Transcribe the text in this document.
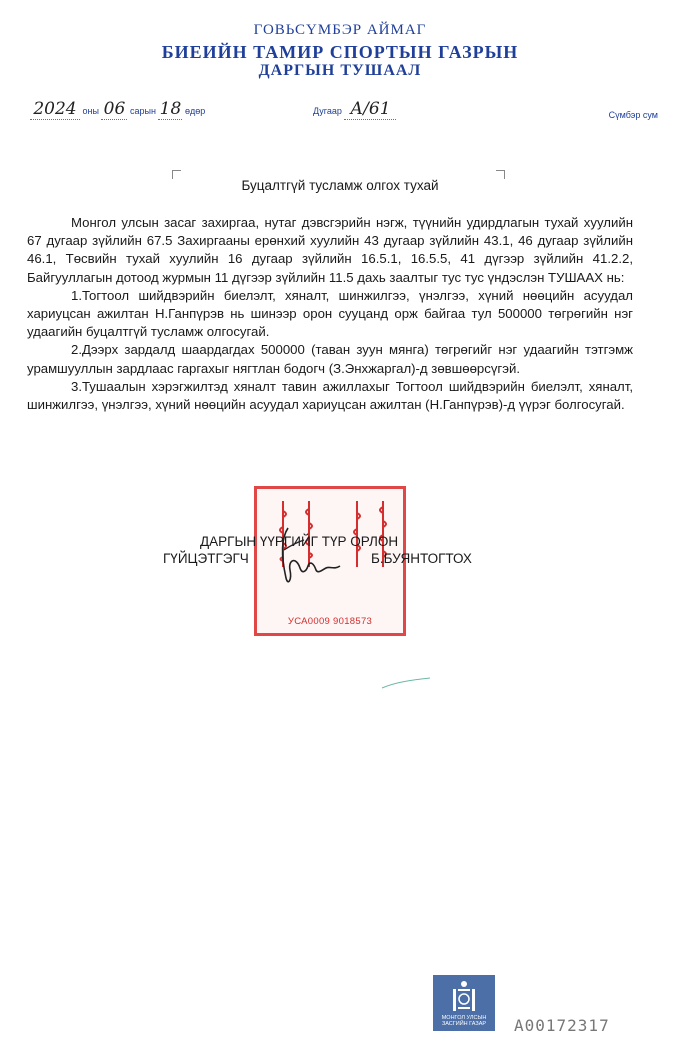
ГОВЬСҮМБЭР АЙМАГ
БИЕИЙН ТАМИР СПОРТЫН ГАЗРЫН
ДАРГЫН ТУШААЛ
2024 оны 06 сарын 18 өдөр	Дугаар А/61	Сүмбэр сум
Буцалтгүй тусламж олгох тухай

Монгол улсын засаг захиргаа, нутаг дэвсгэрийн нэгж, түүнийн удирдлагын тухай хуулийн 67 дугаар зүйлийн 67.5 Захиргааны ерөнхий хуулийн 43 дугаар зүйлийн 43.1, 46 дугаар зүйлийн 46.1, Төсвийн тухай хуулийн 16 дугаар зүйлийн 16.5.1, 16.5.5, 41 дүгээр зүйлийн 41.2.2, Байгууллагын дотоод журмын 11 дүгээр зүйлийн 11.5 дахь заалтыг тус тус үндэслэн ТУШААХ нь:

1.Тогтоол шийдвэрийн биелэлт, хяналт, шинжилгээ, үнэлгээ, хүний нөөцийн асуудал хариуцсан ажилтан Н.Ганпүрэв нь шинээр орон сууцанд орж байгаа тул 500000 төгрөгийн нэг удаагийн буцалтгүй тусламж олгосугай.

2.Дээрх зардалд шаардагдах 500000 (таван зуун мянга) төгрөгийг нэг удаагийн тэтгэмж урамшууллын зардлаас гаргахыг нягтлан бодогч (З.Энхжаргал)-д зөвшөөрсүгэй.

3.Тушаалын хэрэгжилтэд хяналт тавин ажиллахыг Тогтоол шийдвэрийн биелэлт, хяналт, шинжилгээ, үнэлгээ, хүний нөөцийн асуудал хариуцсан ажилтан (Н.Ганпүрэв)-д үүрэг болгосугай.

УСА0009 9018573
ДАРГЫН ҮҮРГИЙГ ТҮР ОРЛОН
ГҮЙЦЭТГЭГЧ	Б.БУЯНТОГТОХ
МОНГОЛ УЛСЫН
ЗАСГИЙН ГАЗАР	A00172317
